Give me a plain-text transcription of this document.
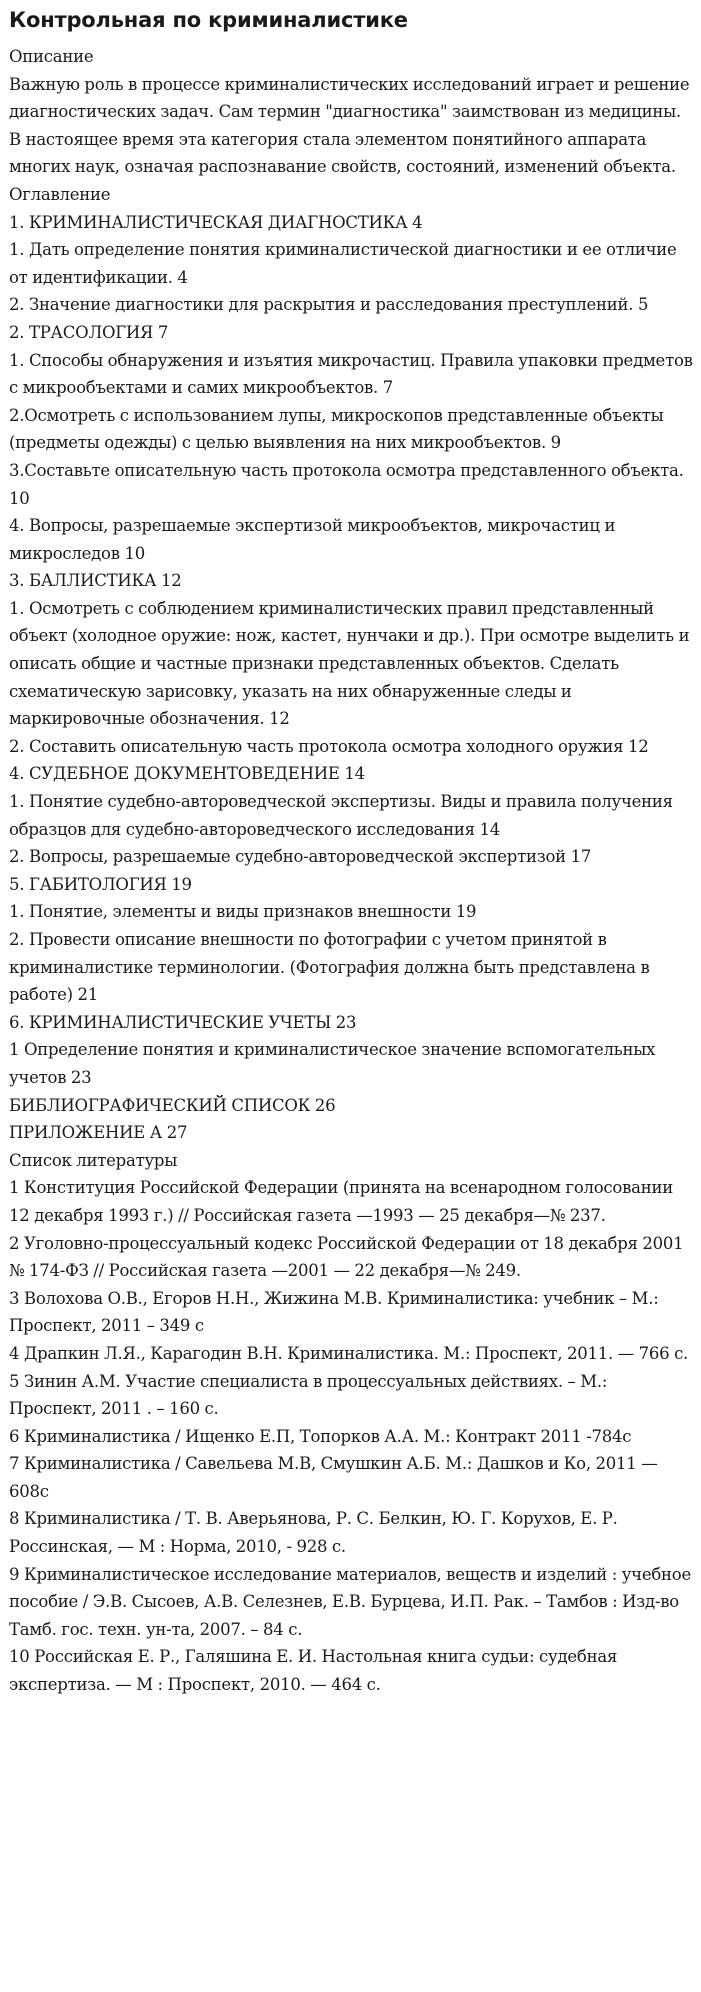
Контрольная по криминалистике

Описание

Важную роль в процессе криминалистических исследований играет и решение диагностических задач. Сам термин "диагностика" заимствован из медицины. В настоящее время эта категория стала элементом понятийного аппарата многих наук, означая распознавание свойств, состояний, изменений объекта.

Оглавление

1. КРИМИНАЛИСТИЧЕСКАЯ ДИАГНОСТИКА 4

1. Дать определение понятия криминалистической диагностики и ее отличие от идентификации. 4

2. Значение диагностики для раскрытия и расследования преступлений. 5

2. ТРАСОЛОГИЯ 7

1. Способы обнаружения и изъятия микрочастиц. Правила упаковки предметов с микрообъектами и самих микрообъектов. 7

2.Осмотреть с использованием лупы, микроскопов представленные объекты (предметы одежды) с целью выявления на них микрообъектов. 9

3.Составьте описательную часть протокола осмотра представленного объекта. 10

4. Вопросы, разрешаемые экспертизой микрообъектов, микрочастиц и микроследов 10

3. БАЛЛИСТИКА 12

1. Осмотреть с соблюдением криминалистических правил представленный объект (холодное оружие: нож, кастет, нунчаки и др.). При осмотре выделить и описать общие и частные признаки представленных объектов. Сделать схематическую зарисовку, указать на них обнаруженные следы и маркировочные обозначения. 12

2. Составить описательную часть протокола осмотра холодного оружия 12

4. СУДЕБНОЕ ДОКУМЕНТОВЕДЕНИЕ 14

1. Понятие судебно-автороведческой экспертизы. Виды и правила получения образцов для судебно-автороведческого исследования 14

2. Вопросы, разрешаемые судебно-автороведческой экспертизой 17

5. ГАБИТОЛОГИЯ 19

1. Понятие, элементы и виды признаков внешности 19

2. Провести описание внешности по фотографии с учетом принятой в криминалистике терминологии. (Фотография должна быть представлена в работе) 21

6. КРИМИНАЛИСТИЧЕСКИЕ УЧЕТЫ 23

1 Определение понятия и криминалистическое значение вспомогательных учетов 23

БИБЛИОГРАФИЧЕСКИЙ СПИСОК 26

ПРИЛОЖЕНИЕ А 27

Список литературы

1 Конституция Российской Федерации (принята на всенародном голосовании 12 декабря 1993 г.) // Российская газета —1993 — 25 декабря—№ 237.

2 Уголовно-процессуальный кодекс Российской Федерации от 18 декабря 2001 № 174-ФЗ // Российская газета —2001 — 22 декабря—№ 249.

3 Волохова О.В., Егоров Н.Н., Жижина М.В. Криминалистика: учебник – М.: Проспект, 2011 – 349 с

4 Драпкин Л.Я., Карагодин В.Н. Криминалистика. М.: Проспект, 2011. — 766 с.

5 Зинин А.М. Участие специалиста в процессуальных действиях. – М.: Проспект, 2011 . – 160 с.

6 Криминалистика / Ищенко Е.П, Топорков А.А. М.: Контракт 2011 -784с

7 Криминалистика / Савельева М.В, Смушкин А.Б. М.: Дашков и Ко, 2011 — 608с

8 Криминалистика / Т. В. Аверьянова, Р. С. Белкин, Ю. Г. Корухов, Е. Р. Россинская, — М : Норма, 2010, - 928 с.

9 Криминалистическое исследование материалов, веществ и изделий : учебное пособие / Э.В. Сысоев, А.В. Селезнев, Е.В. Бурцева, И.П. Рак. – Тамбов : Изд-во Тамб. гос. техн. ун-та, 2007. – 84 с.

10 Российская Е. Р., Галяшина Е. И. Настольная книга судьи: судебная экспертиза. — М : Проспект, 2010. — 464 с.
